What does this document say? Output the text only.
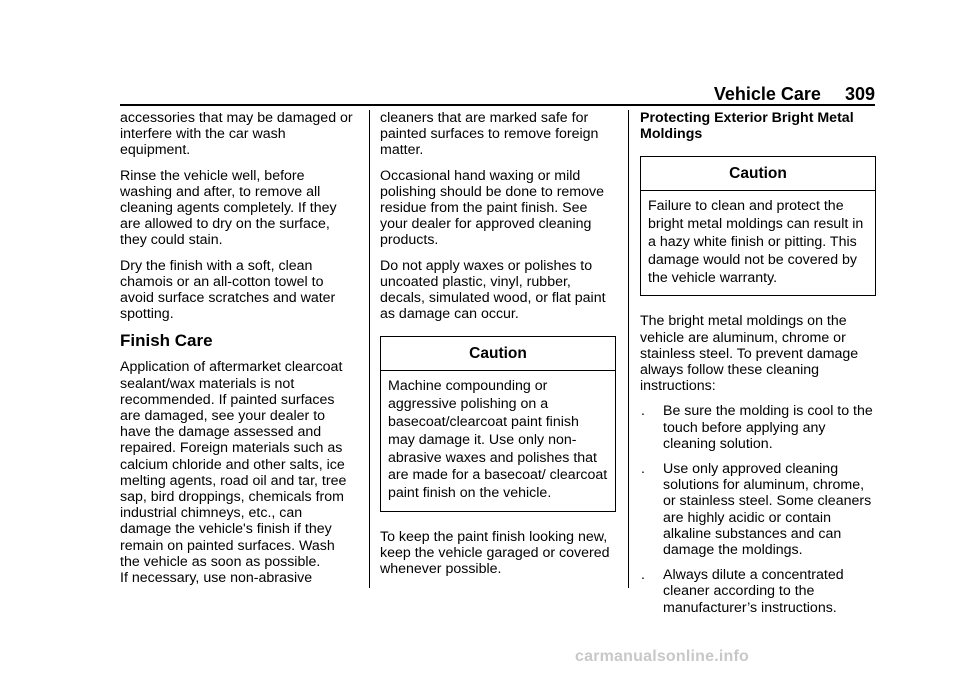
Vehicle Care 309

accessories that may be damaged or interfere with the car wash equipment.

Rinse the vehicle well, before washing and after, to remove all cleaning agents completely. If they are allowed to dry on the surface, they could stain.

Dry the finish with a soft, clean chamois or an all-cotton towel to avoid surface scratches and water spotting.

Finish Care

Application of aftermarket clearcoat sealant/wax materials is not recommended. If painted surfaces are damaged, see your dealer to have the damage assessed and repaired. Foreign materials such as calcium chloride and other salts, ice melting agents, road oil and tar, tree sap, bird droppings, chemicals from industrial chimneys, etc., can damage the vehicle's finish if they remain on painted surfaces. Wash the vehicle as soon as possible.

If necessary, use non-abrasive

cleaners that are marked safe for painted surfaces to remove foreign matter.

Occasional hand waxing or mild polishing should be done to remove residue from the paint finish. See your dealer for approved cleaning products.

Do not apply waxes or polishes to uncoated plastic, vinyl, rubber, decals, simulated wood, or flat paint as damage can occur.

Caution
Machine compounding or aggressive polishing on a basecoat/clearcoat paint finish may damage it. Use only non-abrasive waxes and polishes that are made for a basecoat/ clearcoat paint finish on the vehicle.

To keep the paint finish looking new, keep the vehicle garaged or covered whenever possible.

Protecting Exterior Bright Metal Moldings
Caution
Failure to clean and protect the bright metal moldings can result in a hazy white finish or pitting. This damage would not be covered by the vehicle warranty.

The bright metal moldings on the vehicle are aluminum, chrome or stainless steel. To prevent damage always follow these cleaning instructions:

. Be sure the molding is cool to the touch before applying any cleaning solution.
. Use only approved cleaning solutions for aluminum, chrome, or stainless steel. Some cleaners are highly acidic or contain alkaline substances and can damage the moldings.
. Always dilute a concentrated cleaner according to the manufacturer’s instructions.
carmanualsonline.info
